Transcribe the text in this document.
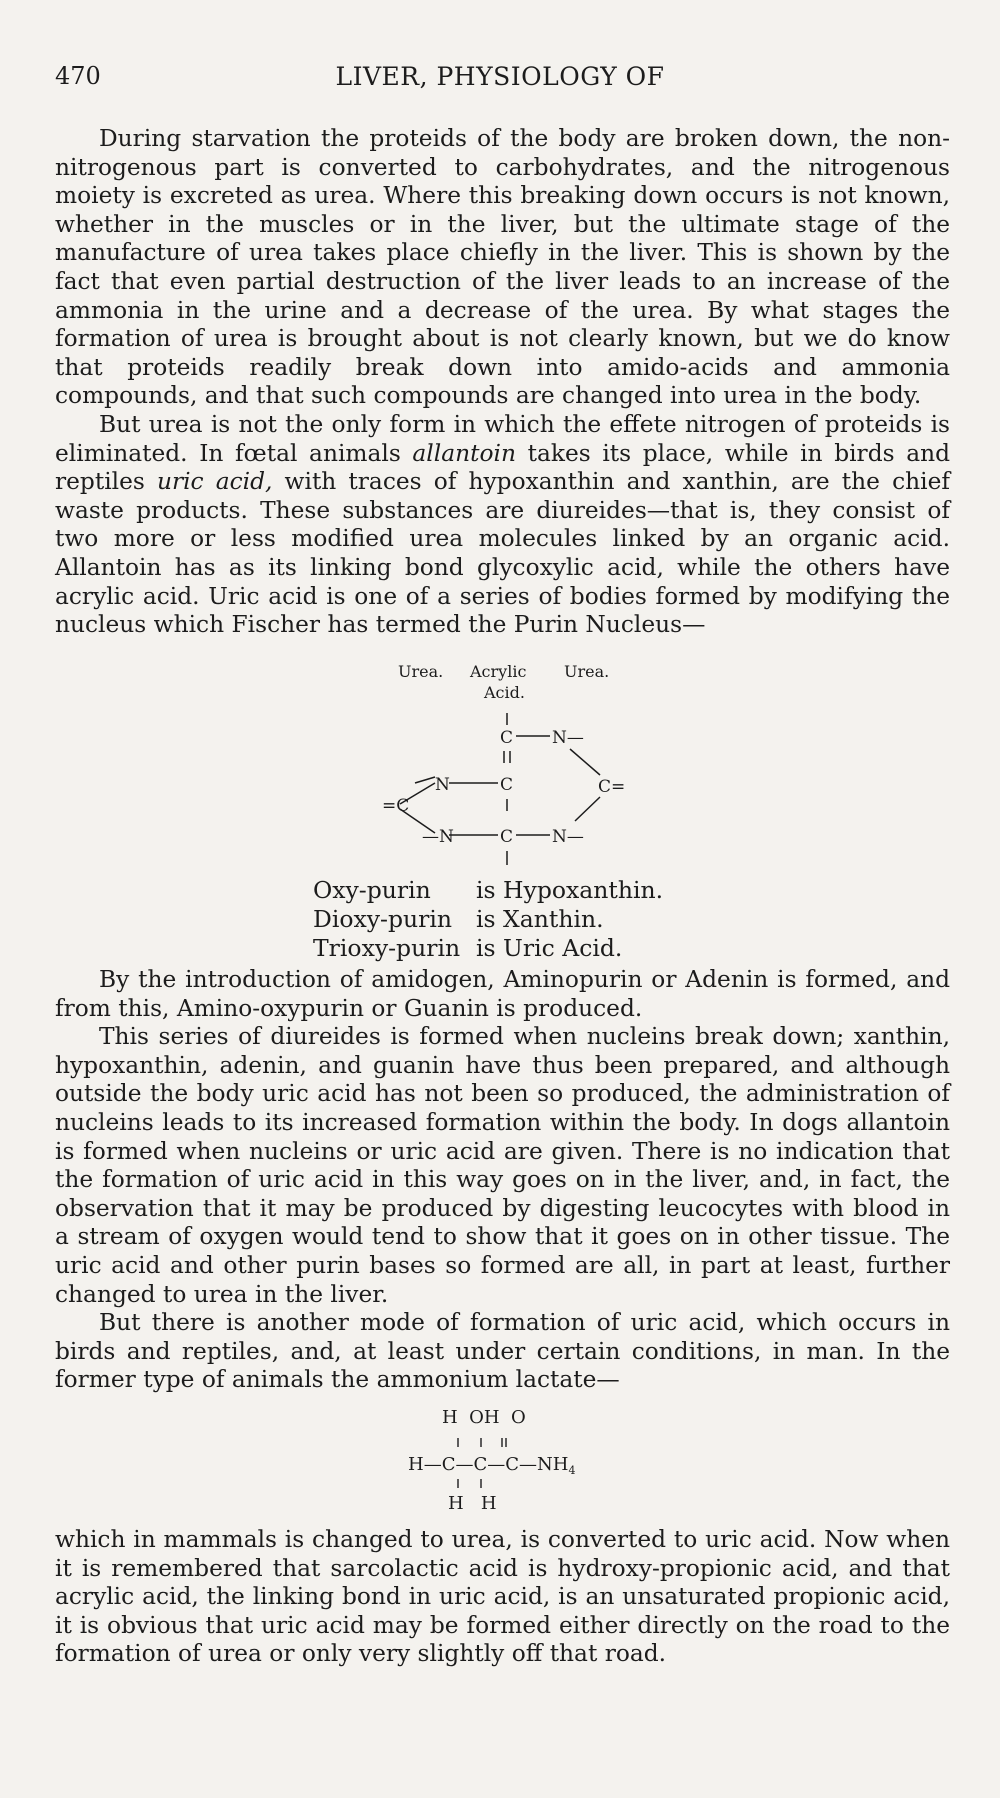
470	LIVER, PHYSIOLOGY OF

During starvation the proteids of the body are broken down, the non-nitrogenous part is converted to carbohydrates, and the nitrogenous moiety is excreted as urea. Where this breaking down occurs is not known, whether in the muscles or in the liver, but the ultimate stage of the manufacture of urea takes place chiefly in the liver. This is shown by the fact that even partial destruction of the liver leads to an increase of the ammonia in the urine and a decrease of the urea. By what stages the formation of urea is brought about is not clearly known, but we do know that proteids readily break down into amido-acids and ammonia compounds, and that such compounds are changed into urea in the body.

But urea is not the only form in which the effete nitrogen of proteids is eliminated. In fœtal animals allantoin takes its place, while in birds and reptiles uric acid, with traces of hypoxanthin and xanthin, are the chief waste products. These substances are diureides—that is, they consist of two more or less modified urea molecules linked by an organic acid. Allantoin has as its linking bond glycoxylic acid, while the others have acrylic acid. Uric acid is one of a series of bodies formed by modifying the nucleus which Fischer has termed the Purin Nucleus—

Urea. Acrylic
Acid.
Urea.
C N—
N	C	C=
=C
—N	C N—
Oxy-purin is Hypoxanthin.
Dioxy-purin is Xanthin.
Trioxy-purin is Uric Acid.

By the introduction of amidogen, Aminopurin or Adenin is formed, and from this, Amino-oxypurin or Guanin is produced.

This series of diureides is formed when nucleins break down; xanthin, hypoxanthin, adenin, and guanin have thus been prepared, and although outside the body uric acid has not been so produced, the administration of nucleins leads to its increased formation within the body. In dogs allantoin is formed when nucleins or uric acid are given. There is no indication that the formation of uric acid in this way goes on in the liver, and, in fact, the observation that it may be produced by digesting leucocytes with blood in a stream of oxygen would tend to show that it goes on in other tissue. The uric acid and other purin bases so formed are all, in part at least, further changed to urea in the liver.

But there is another mode of formation of uric acid, which occurs in birds and reptiles, and, at least under certain conditions, in man. In the former type of animals the ammonium lactate—

H  OH  O
$H—C—C—C—NH_4$
H   H

which in mammals is changed to urea, is converted to uric acid. Now when it is remembered that sarcolactic acid is hydroxy-propionic acid, and that acrylic acid, the linking bond in uric acid, is an unsaturated propionic acid, it is obvious that uric acid may be formed either directly on the road to the formation of urea or only very slightly off that road.
